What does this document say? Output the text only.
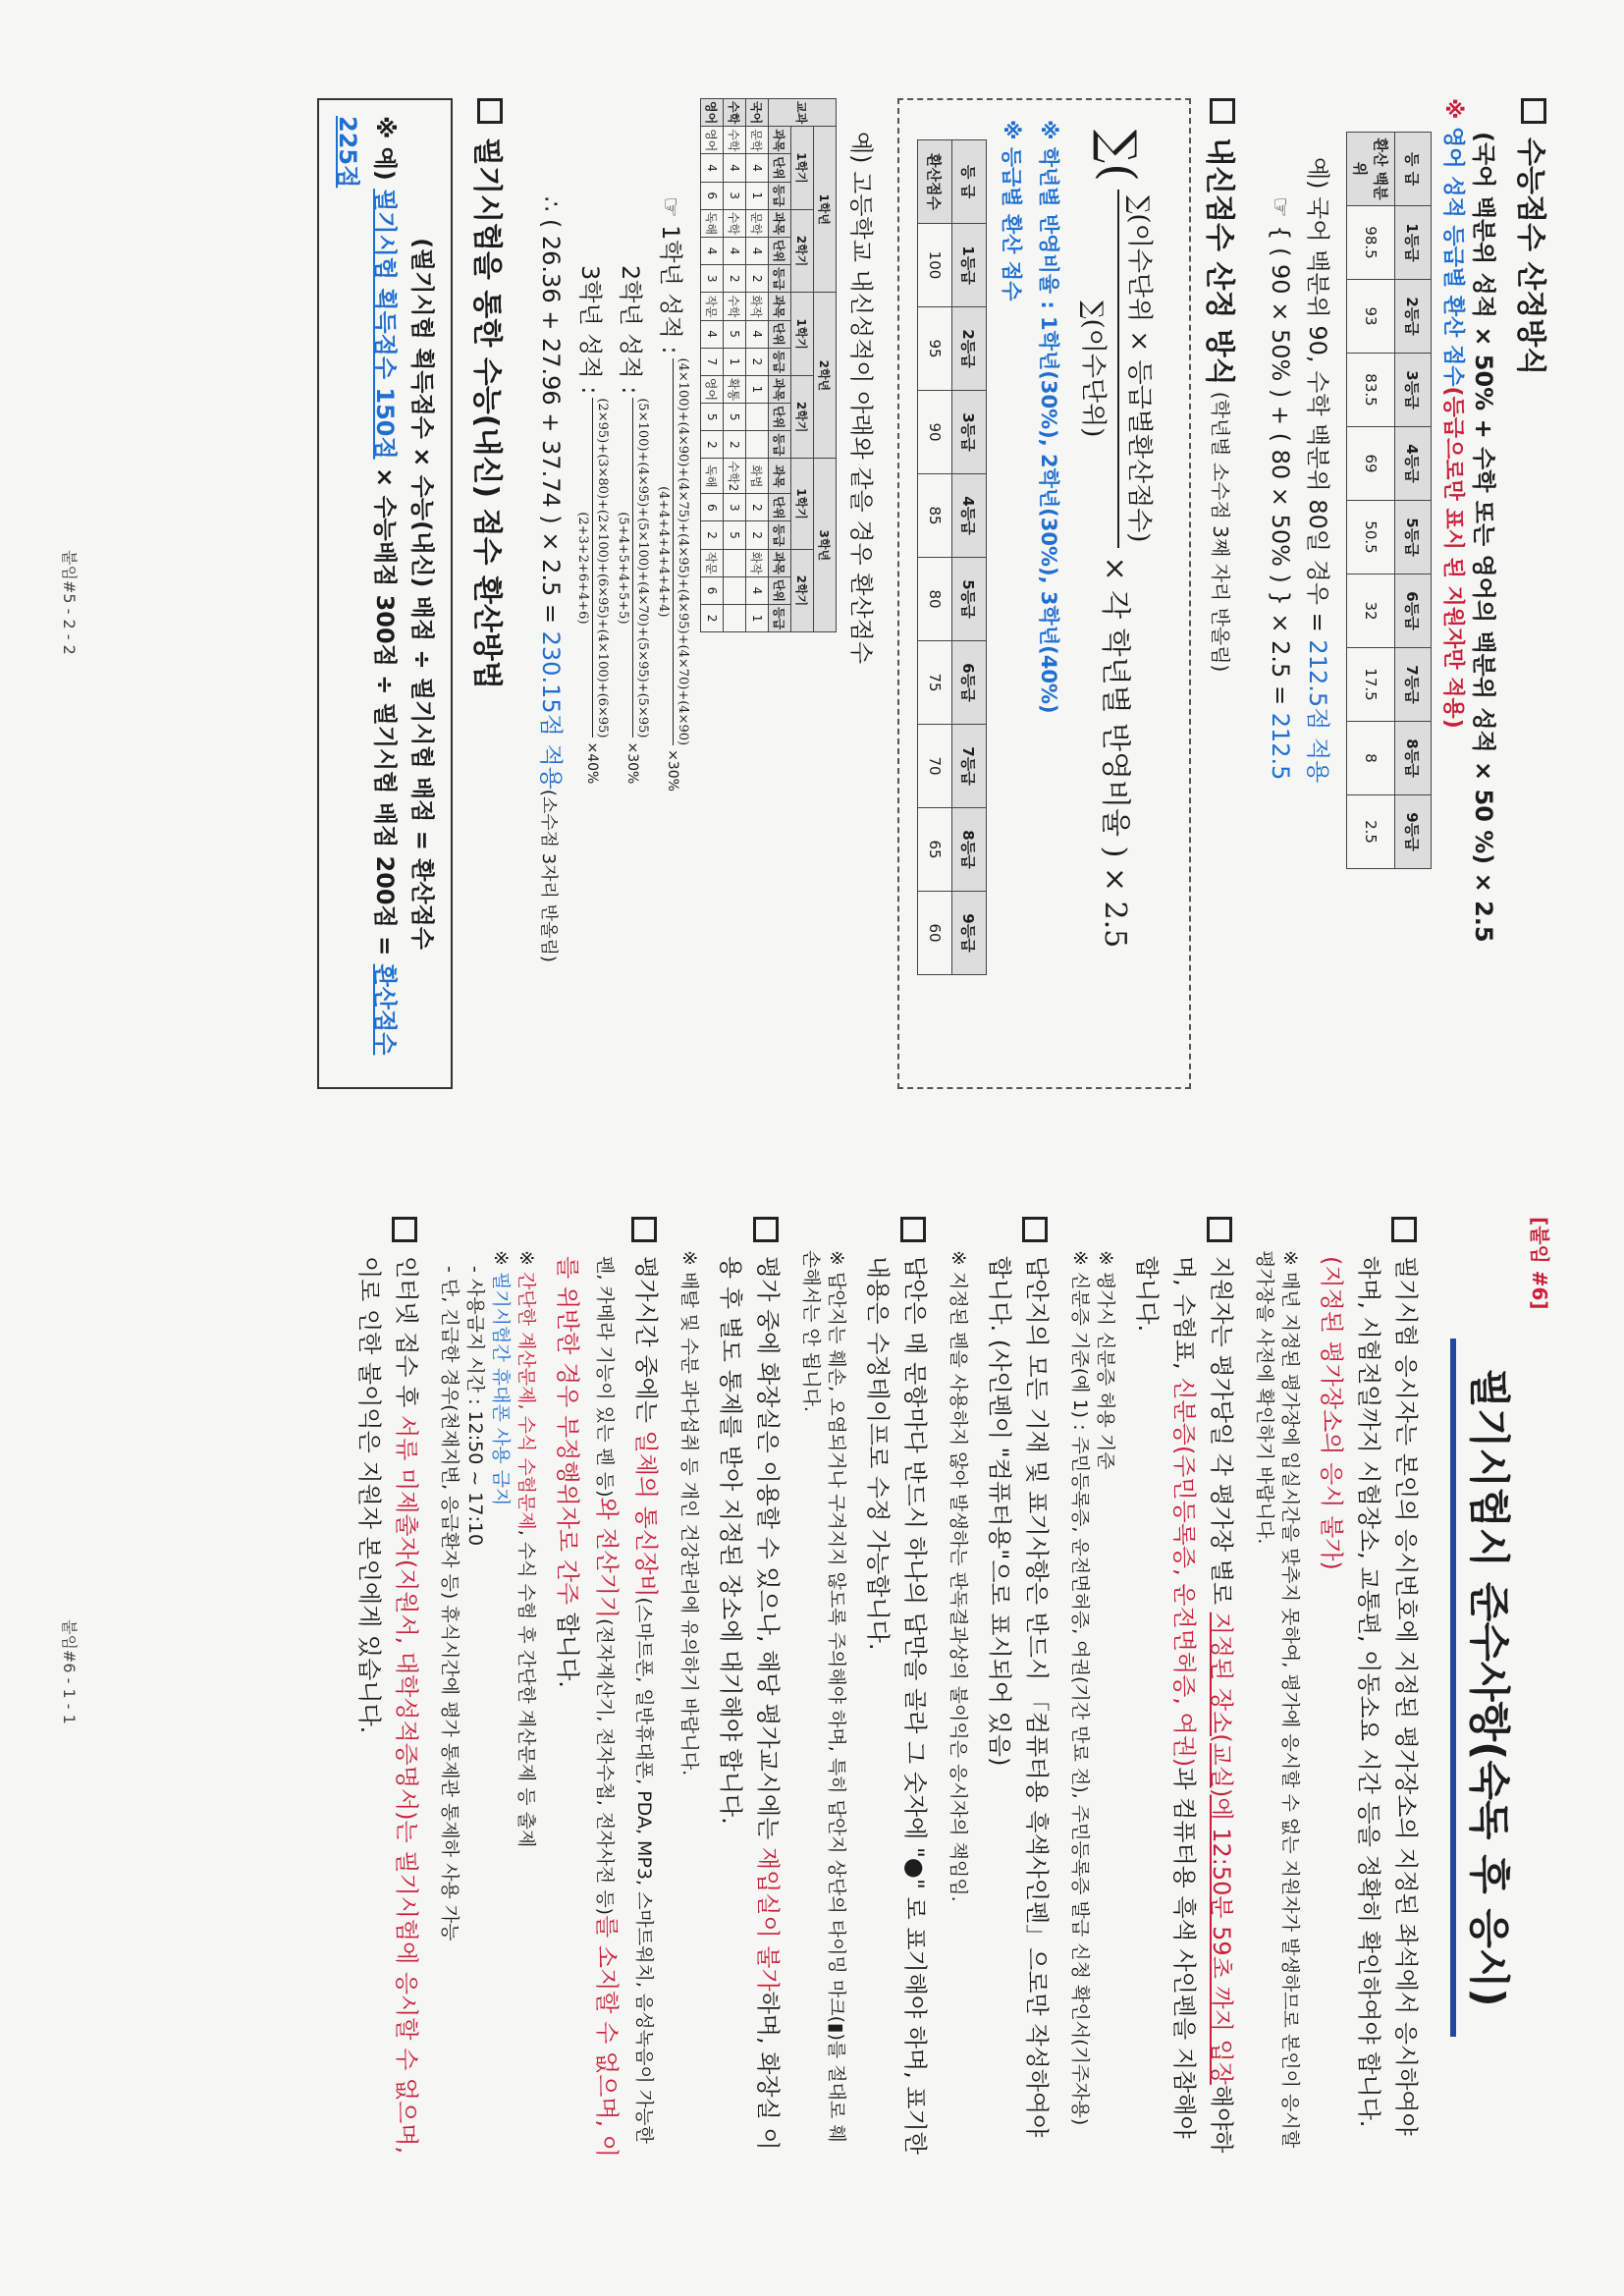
수능점수 산정방식

(국어 백분위 성적 × 50% + 수학 또는 영어의 백분위 성적 × 50 %) × 2.5

※ 영어 성적 등급별 환산 점수(등급으로만 표시 된 지원자만 적용)

등 급	1등급	2등급	3등급	4등급	5등급	6등급	7등급	8등급	9등급
환산 백분위	98.5	93	83.5	69	50.5	32	17.5	8	2.5

예) 국어 백분위 90, 수학 백분위 80일 경우 = 212.5점 적용

☞ { ( 90 × 50% ) + ( 80 × 50% ) } × 2.5 = 212.5

내신점수 산정 방식
(학년별 소수점 3째 자리 반올림)
∑(
∑(이수단위 × 등급별환산점수)
∑(이수단위)
× 각 학년별 반영비율 ) × 2.5

※ 학년별 반영비율 : 1학년(30%), 2학년(30%), 3학년(40%)

※ 등급별 환산 점수

등 급	1등급	2등급	3등급	4등급	5등급	6등급	7등급	8등급	9등급
환산점수	100	95	90	85	80	75	70	65	60

예) 고등학교 내신성적이 아래와 같을 경우 환산점수

교과	1학년						2학년						3학년					
	1학기			2학기			1학기			2학기			1학기			2학기		
	과목	단위	등급	과목	단위	등급	과목	단위	등급	과목	단위	등급	과목	단위	등급	과목	단위	등급
국어	문학	4	1	문학	4	2	화작	4	2	1			화법	2	2	화작	4	1
수학	수학	4	3	수학	4	2	수학	5	1	확통	5	2	수학2	3	5			
영어	영어	4	6	독해	4	3	작문	4	7	영어	5	2	독해	6	2	작문	6	2
☞ 1학년 성적 :
(4×100)+(4×90)+(4×75)+(4×95)+(4×95)+(4×70)+(4×90)
(4+4+4+4+4+4+4)
×30%
2학년 성적 :
(5×100)+(4×95)+(5×100)+(4×70)+(5×95)+(5×95)
(5+4+5+4+5+5)
×30%
3학년 성적 :
(2×95)+(3×80)+(2×100)+(6×95)+(4×100)+(6×95)
(2+3+2+6+4+6)
×40%

∴ ( 26.36 + 27.96 + 37.74 ) × 2.5 = 230.15점 적용(소수점 3자리 반올림)

필기시험을 통한 수능(내신) 점수 환산방법

(필기시험 획득점수 × 수능(내신) 배점 ÷ 필기시험 배점 = 환산점수

※ 예) 필기시험 획득점수 150점 × 수능배점 300점 ÷ 필기시험 배점 200점 = 환산점수 225점

붙임#5 - 2 - 2
[붙임 #6]
필기시험시 준수사항(숙독 후 응시)

필기시험 응시자는 본인의 응시번호에 지정된 평가장소의 지정된 좌석에서 응시하여야 하며, 시험전일까지 시험장소, 교통편, 이동소요 시간 등을 정확히 확인하여야 합니다. (지정된 평가장소의 응시 불가)

※ 매년 지정된 평가장에 입실시간을 맞추지 못하여, 평가에 응시할 수 없는 지원자가 발생하므로 본인이 응시할 평가장을 사전에 확인하기 바랍니다.

지원자는 평가당일 각 평가장 별로 지정된 장소(교실)에 12:50분 59초 까지 입장해야하며, 수험표, 신분증(주민등록증, 운전면허증, 여권)과 컴퓨터용 흑색 사인펜을 지참해야 합니다.

※ 평가시 신분증 허용 기준

※ 신분증 기준(예 1) : 주민등록증, 운전면허증, 여권(기간 만료 전), 주민등록증 발급 신청 확인서(기주자용)

답안지의 모든 기재 및 표기사항은 반드시 「컴퓨터용 흑색사인펜」으로만 작성하여야 합니다. (사인펜이 "컴퓨터용"으로 표시되어 있음)

※ 지정된 펜을 사용하지 않아 발생하는 판독결과상의 불이익은 응시자의 책임임.

답안은 매 문항마다 반드시 하나의 답만을 골라 그 숫자에 "●" 로 표기해야 하며, 표기한 내용은 수정테이프로 수정 가능합니다.

※ 답안지는 훼손, 오염되거나 구겨지지 않도록 주의해야 하며, 특히 답안지 상단의 타이밍 마크(▮)를 절대로 훼손해서는 안 됩니다.

평가 중에 화장실은 이용할 수 있으나, 해당 평가교시에는 재입실이 불가하며, 화장실 이용 후 별도 통제를 받아 지정된 장소에 대기해야 합니다.

※ 배탈 및 수분 과다섭취 등 개인 건강관리에 유의하기 바랍니다.

평가시간 중에는 일체의 통신장비(스마트폰, 일반휴대폰, PDA, MP3, 스마트워치, 음성녹음이 가능한 펜, 카메라 기능이 있는 펜 등)와 전산기기(전자계산기, 전자수첩, 전자사전 등)를 소지할 수 없으며, 이를 위반한 경우 부정행위자로 간주 합니다.

※ 간단한 계산문제, 수식 수험문제, 수식 수험 후 간단한 계산문제 등 출제

※ 필기시험간 휴대폰 사용 금지

- 사용금지 시간 : 12:50 ~ 17:10

- 단, 긴급한 경우(천재지변, 응급환자 등) 휴식시간에 평가 통제관 통제하 사용 가능

인터넷 접수 후 서류 미제출자(지원서, 대학성적증명서)는 필기시험에 응시할 수 없으며, 이로 인한 불이익은 지원자 본인에게 있습니다.

붙임#6 - 1 - 1
